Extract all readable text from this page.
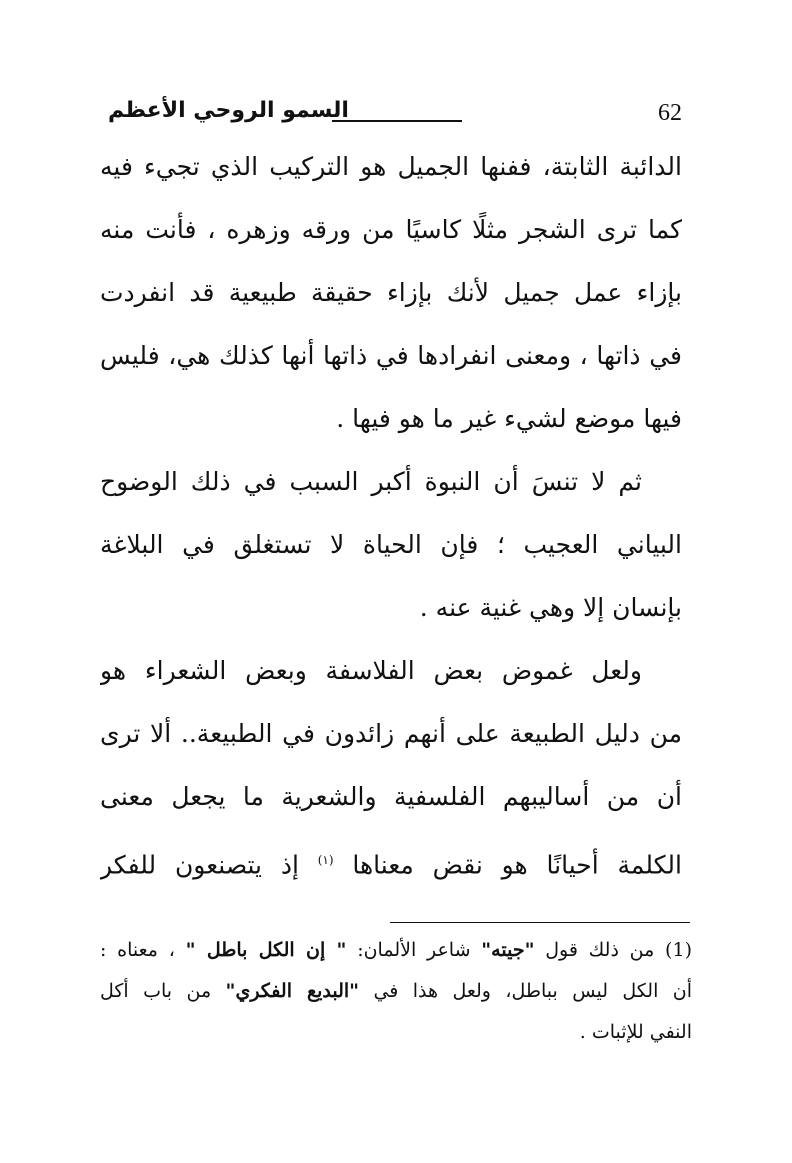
62
السمو الروحي الأعظم
الدائبة الثابتة، ففنها الجميل هو التركيب الذي تجيء فيه
كما ترى الشجر مثلًا كاسيًا من ورقه وزهره ، فأنت منه
بإزاء عمل جميل لأنك بإزاء حقيقة طبيعية قد انفردت
في ذاتها ، ومعنى انفرادها في ذاتها أنها كذلك هي، فليس
فيها موضع لشيء غير ما هو فيها .
ثم لا تنسَ أن النبوة أكبر السبب في ذلك الوضوح
البياني العجيب ؛ فإن الحياة لا تستغلق في البلاغة
بإنسان إلا وهي غنية عنه .
ولعل غموض بعض الفلاسفة وبعض الشعراء هو
من دليل الطبيعة على أنهم زائدون في الطبيعة.. ألا ترى
أن من أساليبهم الفلسفية والشعرية ما يجعل معنى
الكلمة أحيانًا هو نقض معناها $^{(١)}$ إذ يتصنعون للفكر
(1) من ذلك قول "جيته" شاعر الألمان: " إن الكل باطل " ، معناه :
أن الكل ليس بباطل، ولعل هذا في "البديع الفكري" من باب أكل
النفي للإثبات .
